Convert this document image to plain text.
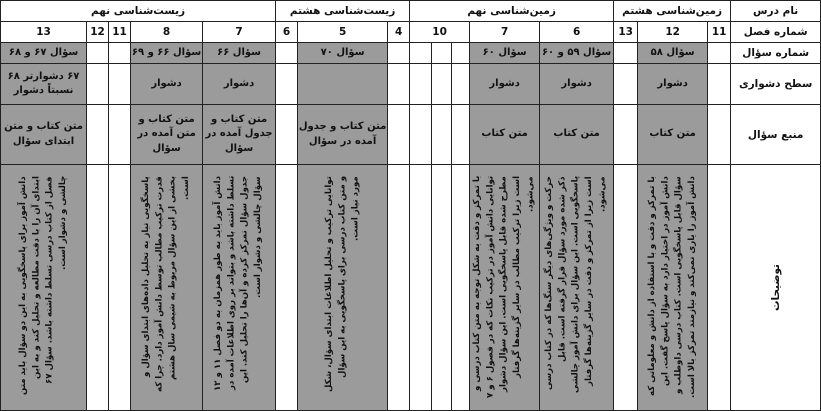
نام درس	زمین‌شناسی هشتم			زمین‌شناسی نهم					زیست‌شناسی هشتم			زیست‌شناسی نهم					
شماره فصل	11	12	13	6	7	10			4	5	6	7	8	11	12	13	
شماره سؤال		سؤال ۵۸		سؤال ۵۹ و ۶۰	سؤال ۶۰					سؤال ۷۰		سؤال ۶۶	سؤال ۶۶ و ۶۹			سؤال ۶۷ و ۶۸	
سطح دشواری		دشوار		دشوار	دشوار							دشوار	دشوار			۶۷ دشوارتر ۶۸ نسبتاً دشوار	
منبع سؤال		متن کتاب		متن کتاب	متن کتاب					متن کتاب و جدول آمده در سؤال		متن کتاب و جدول آمده در سؤال	متن کتاب و متن آمده در سؤال			متن کتاب و متن ابتدای سؤال	

توضیحات		با تمرکز و دقت و با استفاده از دانش و معلوماتی که دانش آموز در اختیار دارد به سؤال پاسخ گفت. این سؤال قابل پاسخگویی است. کتاب درسی داوطلب و دانش آموز را یاری نمی‌کند و نیازمند تمرکز بالا است.		حرکت و ویژگی‌های دیگر سنگ‌ها که در کتاب درسی ذکر شده مورد سؤال قرار گرفته است. قابل پاسخگویی است. این سؤال برای دانش آموز چالشی است زیرا از تمرکز و دقت در سایر گزینه‌ها گرفتار می‌شود.	با تمرکز و دقت به شکل توجه به متن کتاب درسی و توانایی دانش آموز در ترکیب نکات که در فصول ۶ و ۷ مطرح شده قابل پاسخگویی است. این سؤال دشوار است زیرا ترکیب مطالب در سایر گزینه‌ها گرفتار می‌شود.					توانایی ترکیب و تحلیل اطلاعات ابتدای سؤال، شکل و متن کتاب درسی برای پاسخگویی به این سؤال مورد نیاز است.		دانش آموز باید به طور همزمان به دو فصل ۱۱ و ۱۲ تسلط داشته باشد و بتواند بر روی اطلاعات آمده در جدول سؤال تمرکز کرده و آن‌ها را تحلیل کند. این سؤال چالشی و دشوار است.	پاسخگویی نیاز به تحلیل داده‌های ابتدای سؤال و قدرت ترکیب مطالب توسط دانش آموز دارد. چرا که بخشی از این سؤال مربوط به شیمی سال هشتم است.			دانش آموز برای پاسخگویی به این دو سؤال باید متن ابتدای آن را با دقت مطالعه و تحلیل کند و به این فصل از کتاب درسی تسلط داشته باشد. سؤال ۶۷ چالشی و دشوار است.	
